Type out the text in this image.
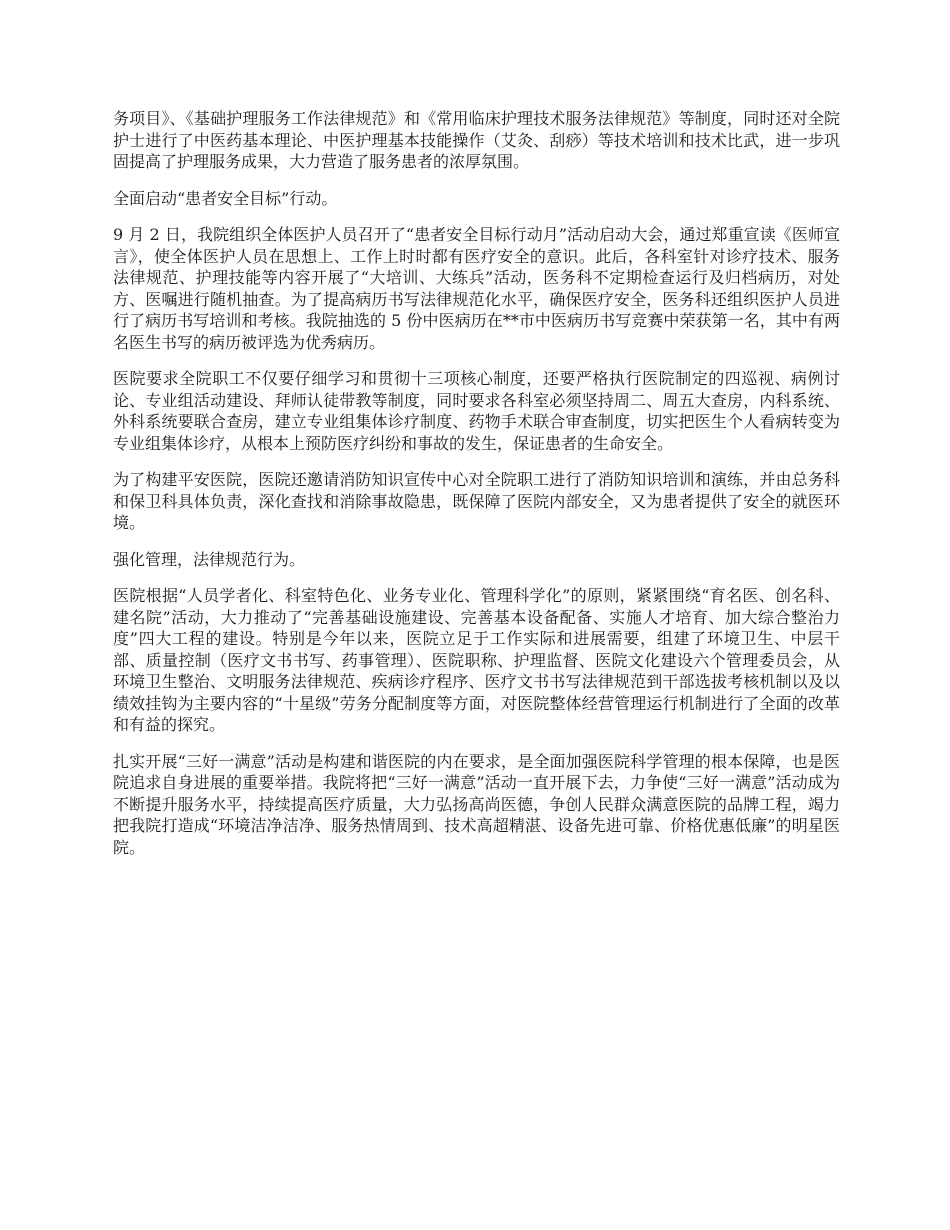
务项目》、《基础护理服务工作法律规范》和《常用临床护理技术服务法律规范》等制度，同时还对全院护士进行了中医药基本理论、中医护理基本技能操作（艾灸、刮痧）等技术培训和技术比武，进一步巩固提高了护理服务成果，大力营造了服务患者的浓厚氛围。

全面启动“患者安全目标”行动。

9 月 2 日，我院组织全体医护人员召开了“患者安全目标行动月”活动启动大会，通过郑重宣读《医师宣言》，使全体医护人员在思想上、工作上时时都有医疗安全的意识。此后，各科室针对诊疗技术、服务法律规范、护理技能等内容开展了“大培训、大练兵”活动，医务科不定期检查运行及归档病历，对处方、医嘱进行随机抽查。为了提高病历书写法律规范化水平，确保医疗安全，医务科还组织医护人员进行了病历书写培训和考核。我院抽选的 5 份中医病历在**市中医病历书写竞赛中荣获第一名，其中有两名医生书写的病历被评选为优秀病历。

医院要求全院职工不仅要仔细学习和贯彻十三项核心制度，还要严格执行医院制定的四巡视、病例讨论、专业组活动建设、拜师认徒带教等制度，同时要求各科室必须坚持周二、周五大查房，内科系统、外科系统要联合查房，建立专业组集体诊疗制度、药物手术联合审查制度，切实把医生个人看病转变为专业组集体诊疗，从根本上预防医疗纠纷和事故的发生，保证患者的生命安全。

为了构建平安医院，医院还邀请消防知识宣传中心对全院职工进行了消防知识培训和演练，并由总务科和保卫科具体负责，深化查找和消除事故隐患，既保障了医院内部安全，又为患者提供了安全的就医环境。

强化管理，法律规范行为。

医院根据“人员学者化、科室特色化、业务专业化、管理科学化”的原则，紧紧围绕“育名医、创名科、建名院”活动，大力推动了“完善基础设施建设、完善基本设备配备、实施人才培育、加大综合整治力度”四大工程的建设。特别是今年以来，医院立足于工作实际和进展需要，组建了环境卫生、中层干部、质量控制（医疗文书书写、药事管理）、医院职称、护理监督、医院文化建设六个管理委员会，从环境卫生整治、文明服务法律规范、疾病诊疗程序、医疗文书书写法律规范到干部选拔考核机制以及以绩效挂钩为主要内容的“十星级”劳务分配制度等方面，对医院整体经营管理运行机制进行了全面的改革和有益的探究。

扎实开展“三好一满意”活动是构建和谐医院的内在要求，是全面加强医院科学管理的根本保障，也是医院追求自身进展的重要举措。我院将把“三好一满意”活动一直开展下去，力争使“三好一满意”活动成为不断提升服务水平，持续提高医疗质量，大力弘扬高尚医德，争创人民群众满意医院的品牌工程，竭力把我院打造成“环境洁净洁净、服务热情周到、技术高超精湛、设备先进可靠、价格优惠低廉”的明星医院。
